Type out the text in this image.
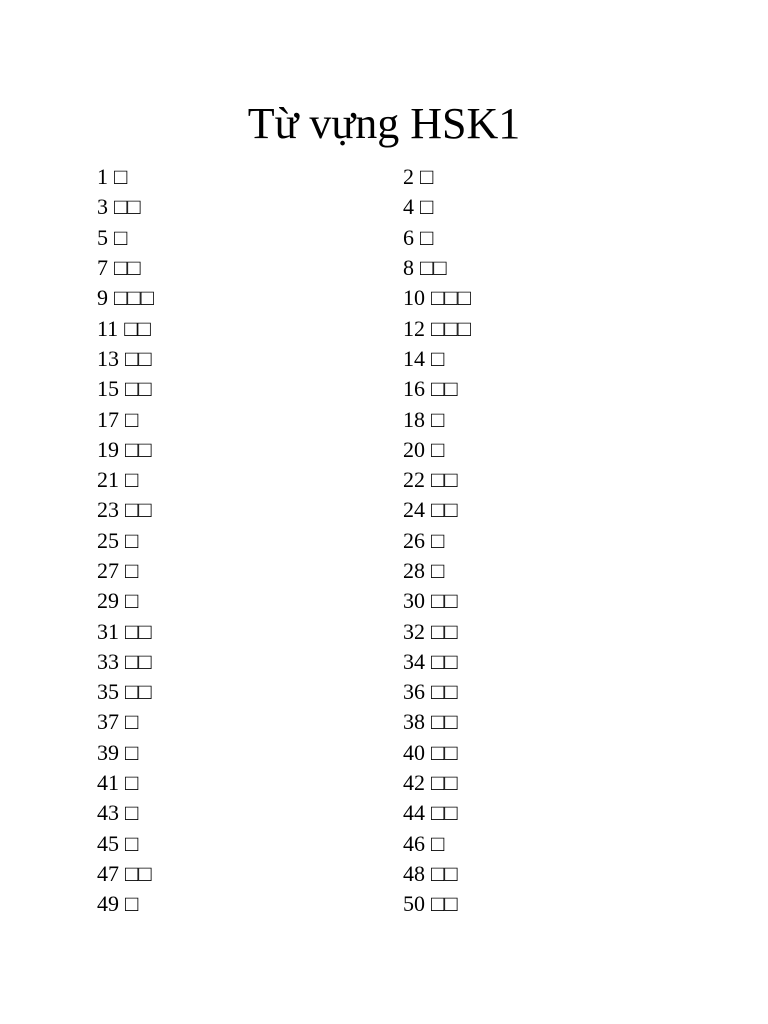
Từ vựng HSK1
1 □	2 □
3 □□	4 □
5 □	6 □
7 □□	8 □□
9 □□□	10 □□□
11 □□	12 □□□
13 □□	14 □
15 □□	16 □□
17 □	18 □
19 □□	20 □
21 □	22 □□
23 □□	24 □□
25 □	26 □
27 □	28 □
29 □	30 □□
31 □□	32 □□
33 □□	34 □□
35 □□	36 □□
37 □	38 □□
39 □	40 □□
41 □	42 □□
43 □	44 □□
45 □	46 □
47 □□	48 □□
49 □	50 □□
